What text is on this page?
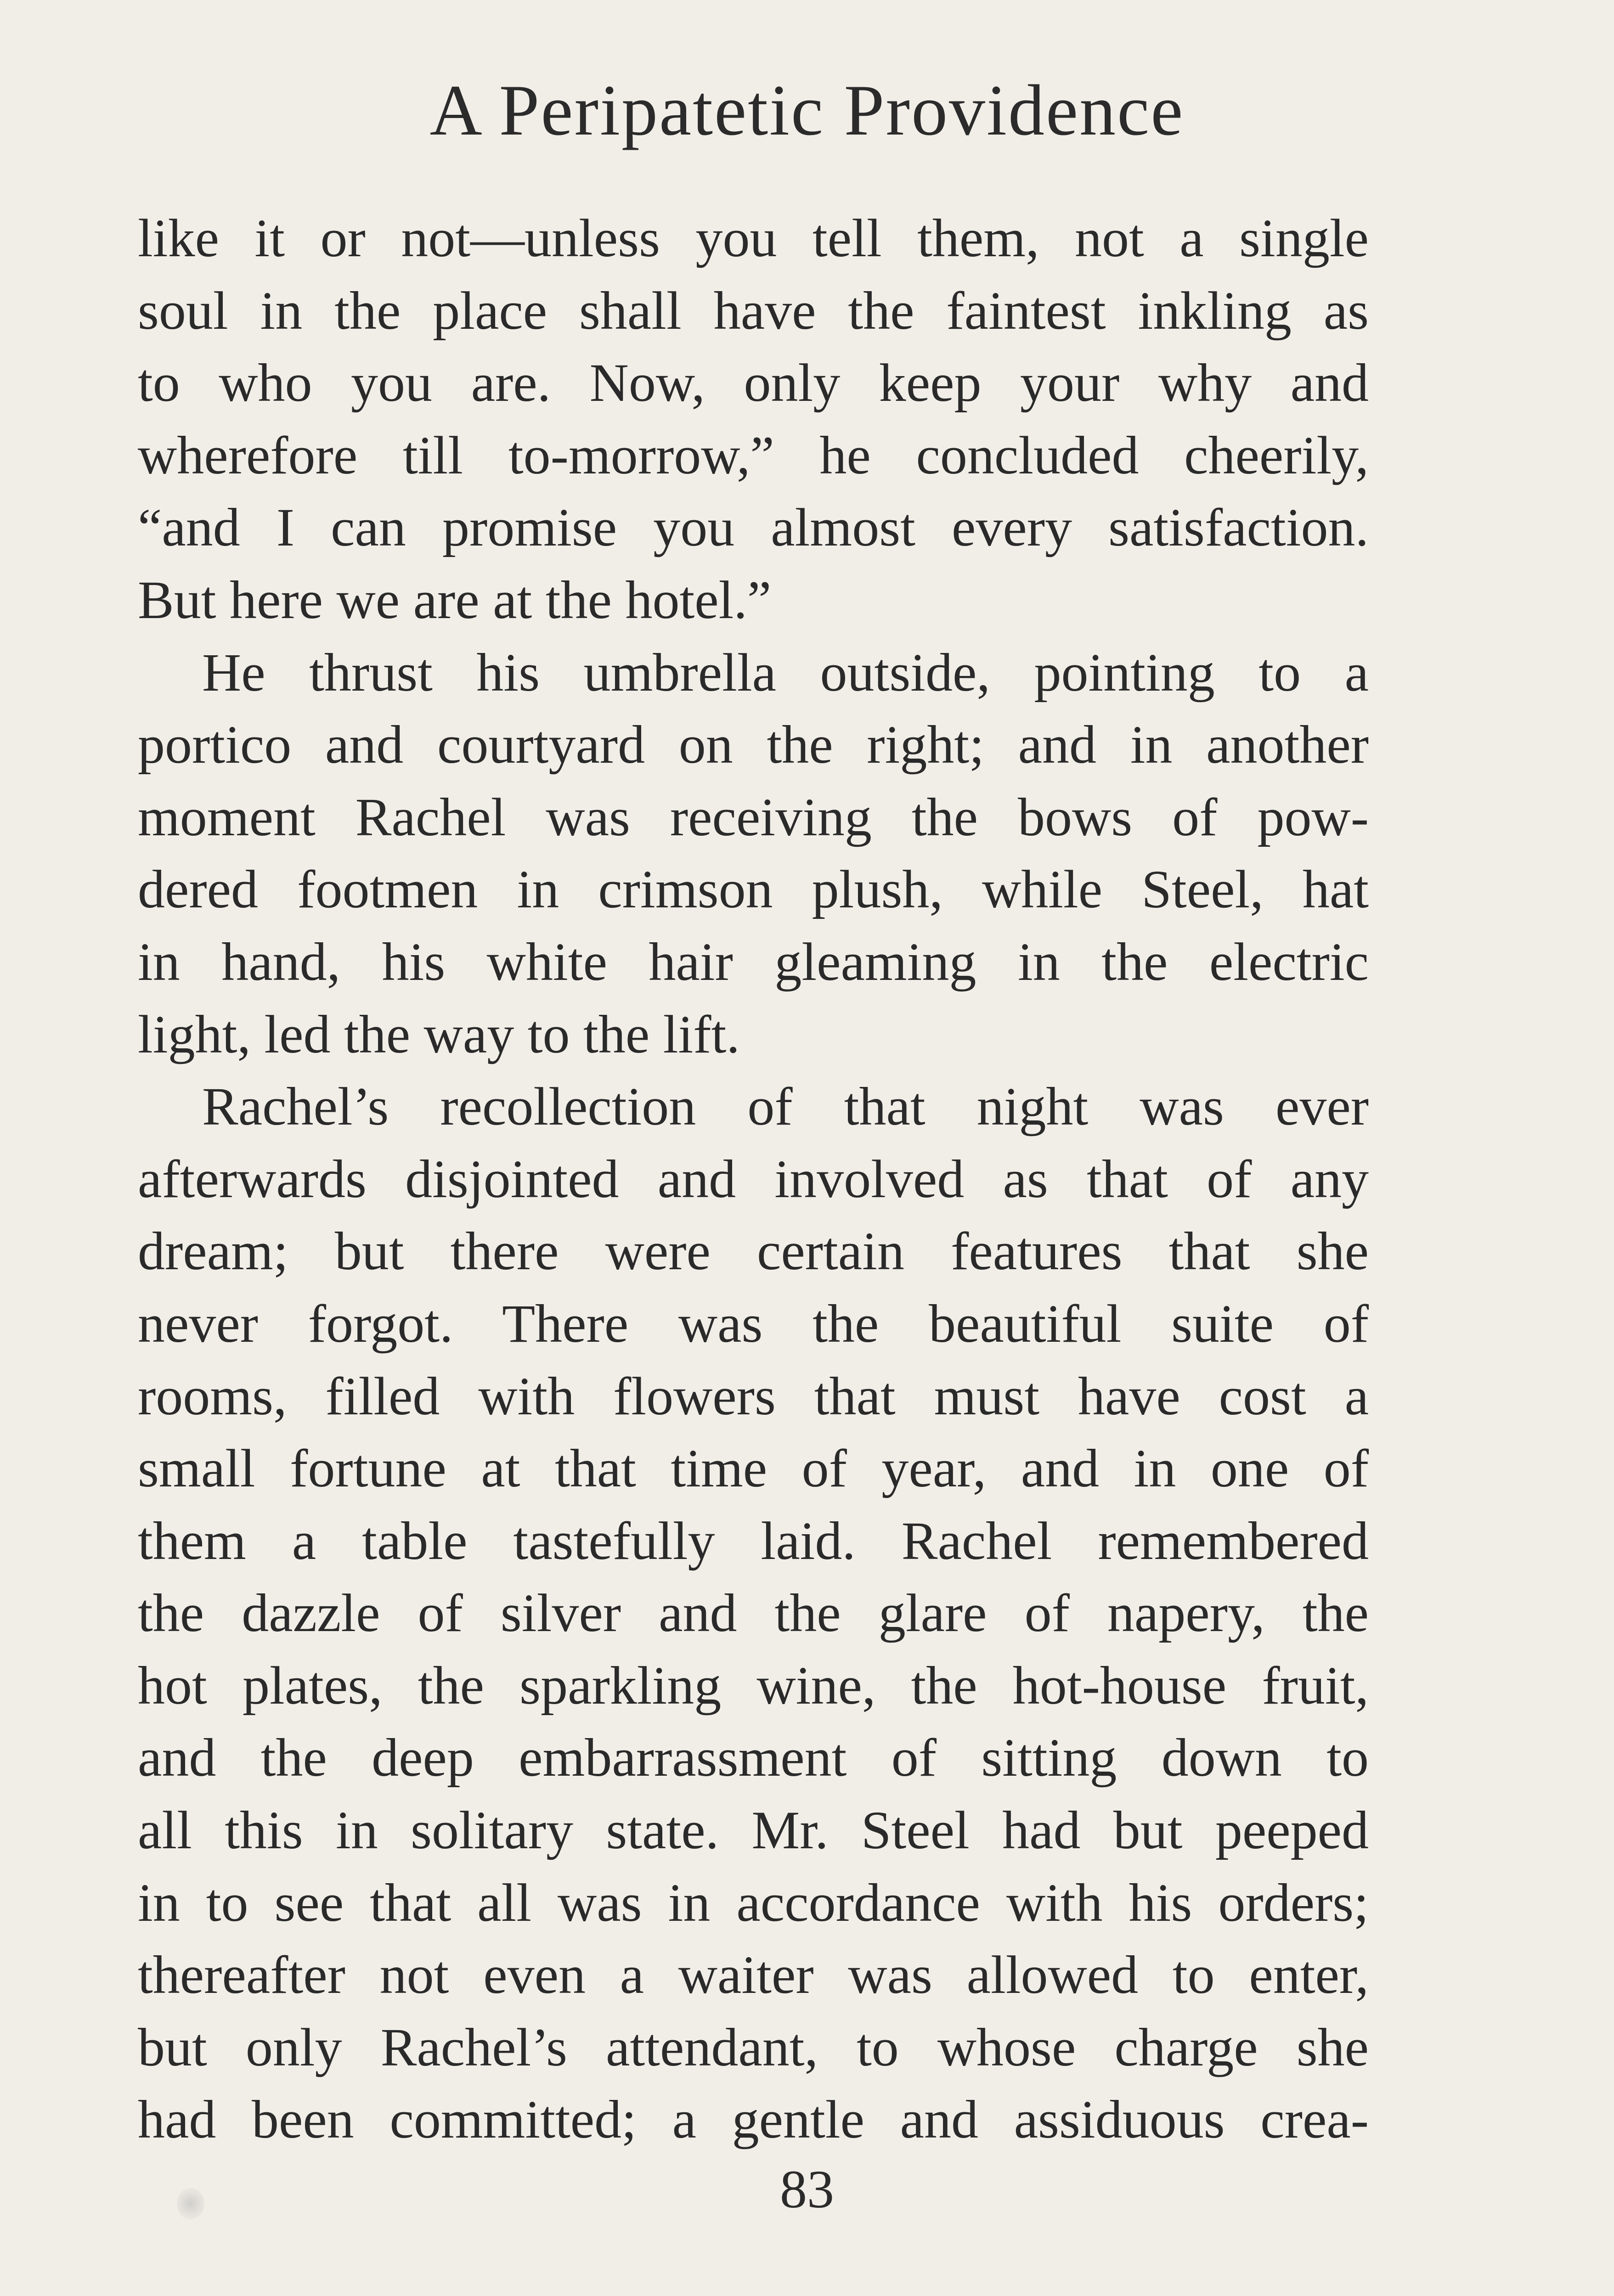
A Peripatetic Providence
like it or not—unless you tell them, not a single
soul in the place shall have the faintest inkling as
to who you are. Now, only keep your why and
wherefore till to-morrow,” he concluded cheerily,
“and I can promise you almost every satisfaction.
But here we are at the hotel.”
He thrust his umbrella outside, pointing to a
portico and courtyard on the right; and in another
moment Rachel was receiving the bows of pow-
dered footmen in crimson plush, while Steel, hat
in hand, his white hair gleaming in the electric
light, led the way to the lift.
Rachel’s recollection of that night was ever
afterwards disjointed and involved as that of any
dream; but there were certain features that she
never forgot. There was the beautiful suite of
rooms, filled with flowers that must have cost a
small fortune at that time of year, and in one of
them a table tastefully laid. Rachel remembered
the dazzle of silver and the glare of napery, the
hot plates, the sparkling wine, the hot-house fruit,
and the deep embarrassment of sitting down to
all this in solitary state. Mr. Steel had but peeped
in to see that all was in accordance with his orders;
thereafter not even a waiter was allowed to enter,
but only Rachel’s attendant, to whose charge she
had been committed; a gentle and assiduous crea-
83
